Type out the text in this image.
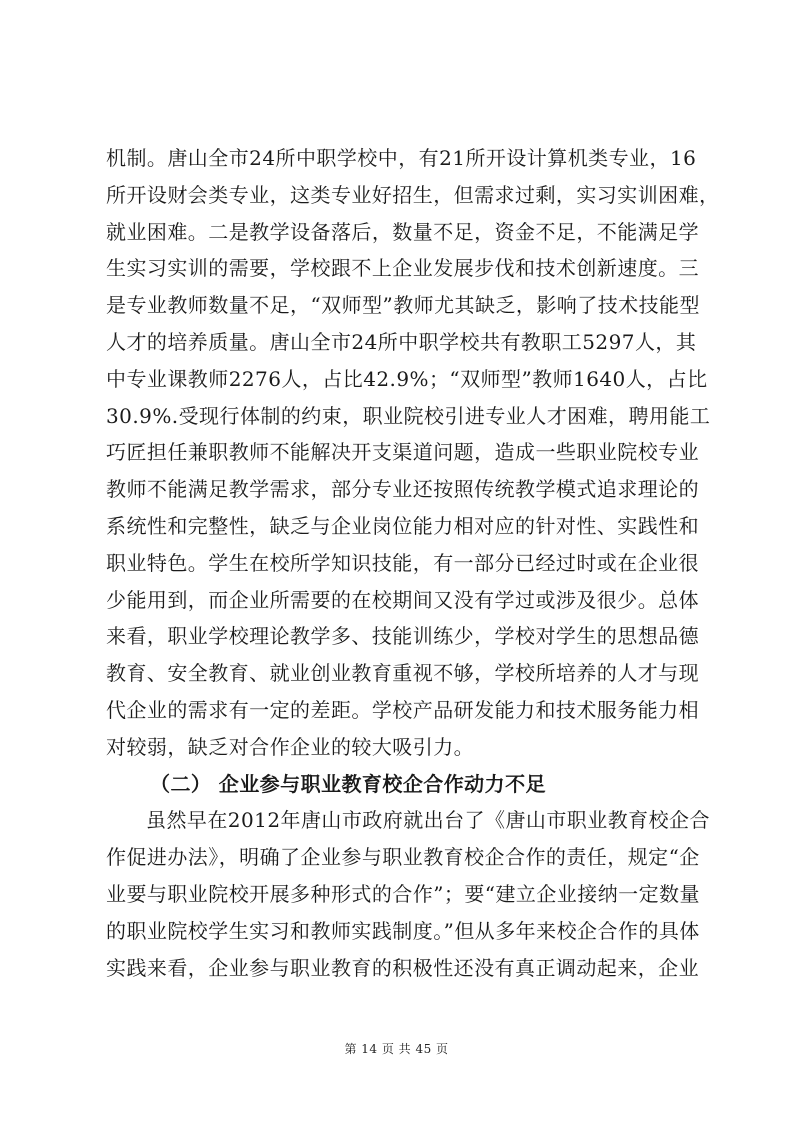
机制。唐山全市24所中职学校中，有21所开设计算机类专业，16
所开设财会类专业，这类专业好招生，但需求过剩，实习实训困难，
就业困难。二是教学设备落后，数量不足，资金不足，不能满足学
生实习实训的需要，学校跟不上企业发展步伐和技术创新速度。三
是专业教师数量不足，“双师型”教师尤其缺乏，影响了技术技能型
人才的培养质量。唐山全市24所中职学校共有教职工5297人，其
中专业课教师2276人，占比42.9%；“双师型”教师1640人，占比
30.9%.受现行体制的约束，职业院校引进专业人才困难，聘用能工
巧匠担任兼职教师不能解决开支渠道问题，造成一些职业院校专业
教师不能满足教学需求，部分专业还按照传统教学模式追求理论的
系统性和完整性，缺乏与企业岗位能力相对应的针对性、实践性和
职业特色。学生在校所学知识技能，有一部分已经过时或在企业很
少能用到，而企业所需要的在校期间又没有学过或涉及很少。总体
来看，职业学校理论教学多、技能训练少，学校对学生的思想品德
教育、安全教育、就业创业教育重视不够，学校所培养的人才与现
代企业的需求有一定的差距。学校产品研发能力和技术服务能力相
对较弱，缺乏对合作企业的较大吸引力。
（二） 企业参与职业教育校企合作动力不足
虽然早在2012年唐山市政府就出台了《唐山市职业教育校企合
作促进办法》，明确了企业参与职业教育校企合作的责任，规定“企
业要与职业院校开展多种形式的合作”；要“建立企业接纳一定数量
的职业院校学生实习和教师实践制度。”但从多年来校企合作的具体
实践来看，企业参与职业教育的积极性还没有真正调动起来，企业
第 14 页 共 45 页
